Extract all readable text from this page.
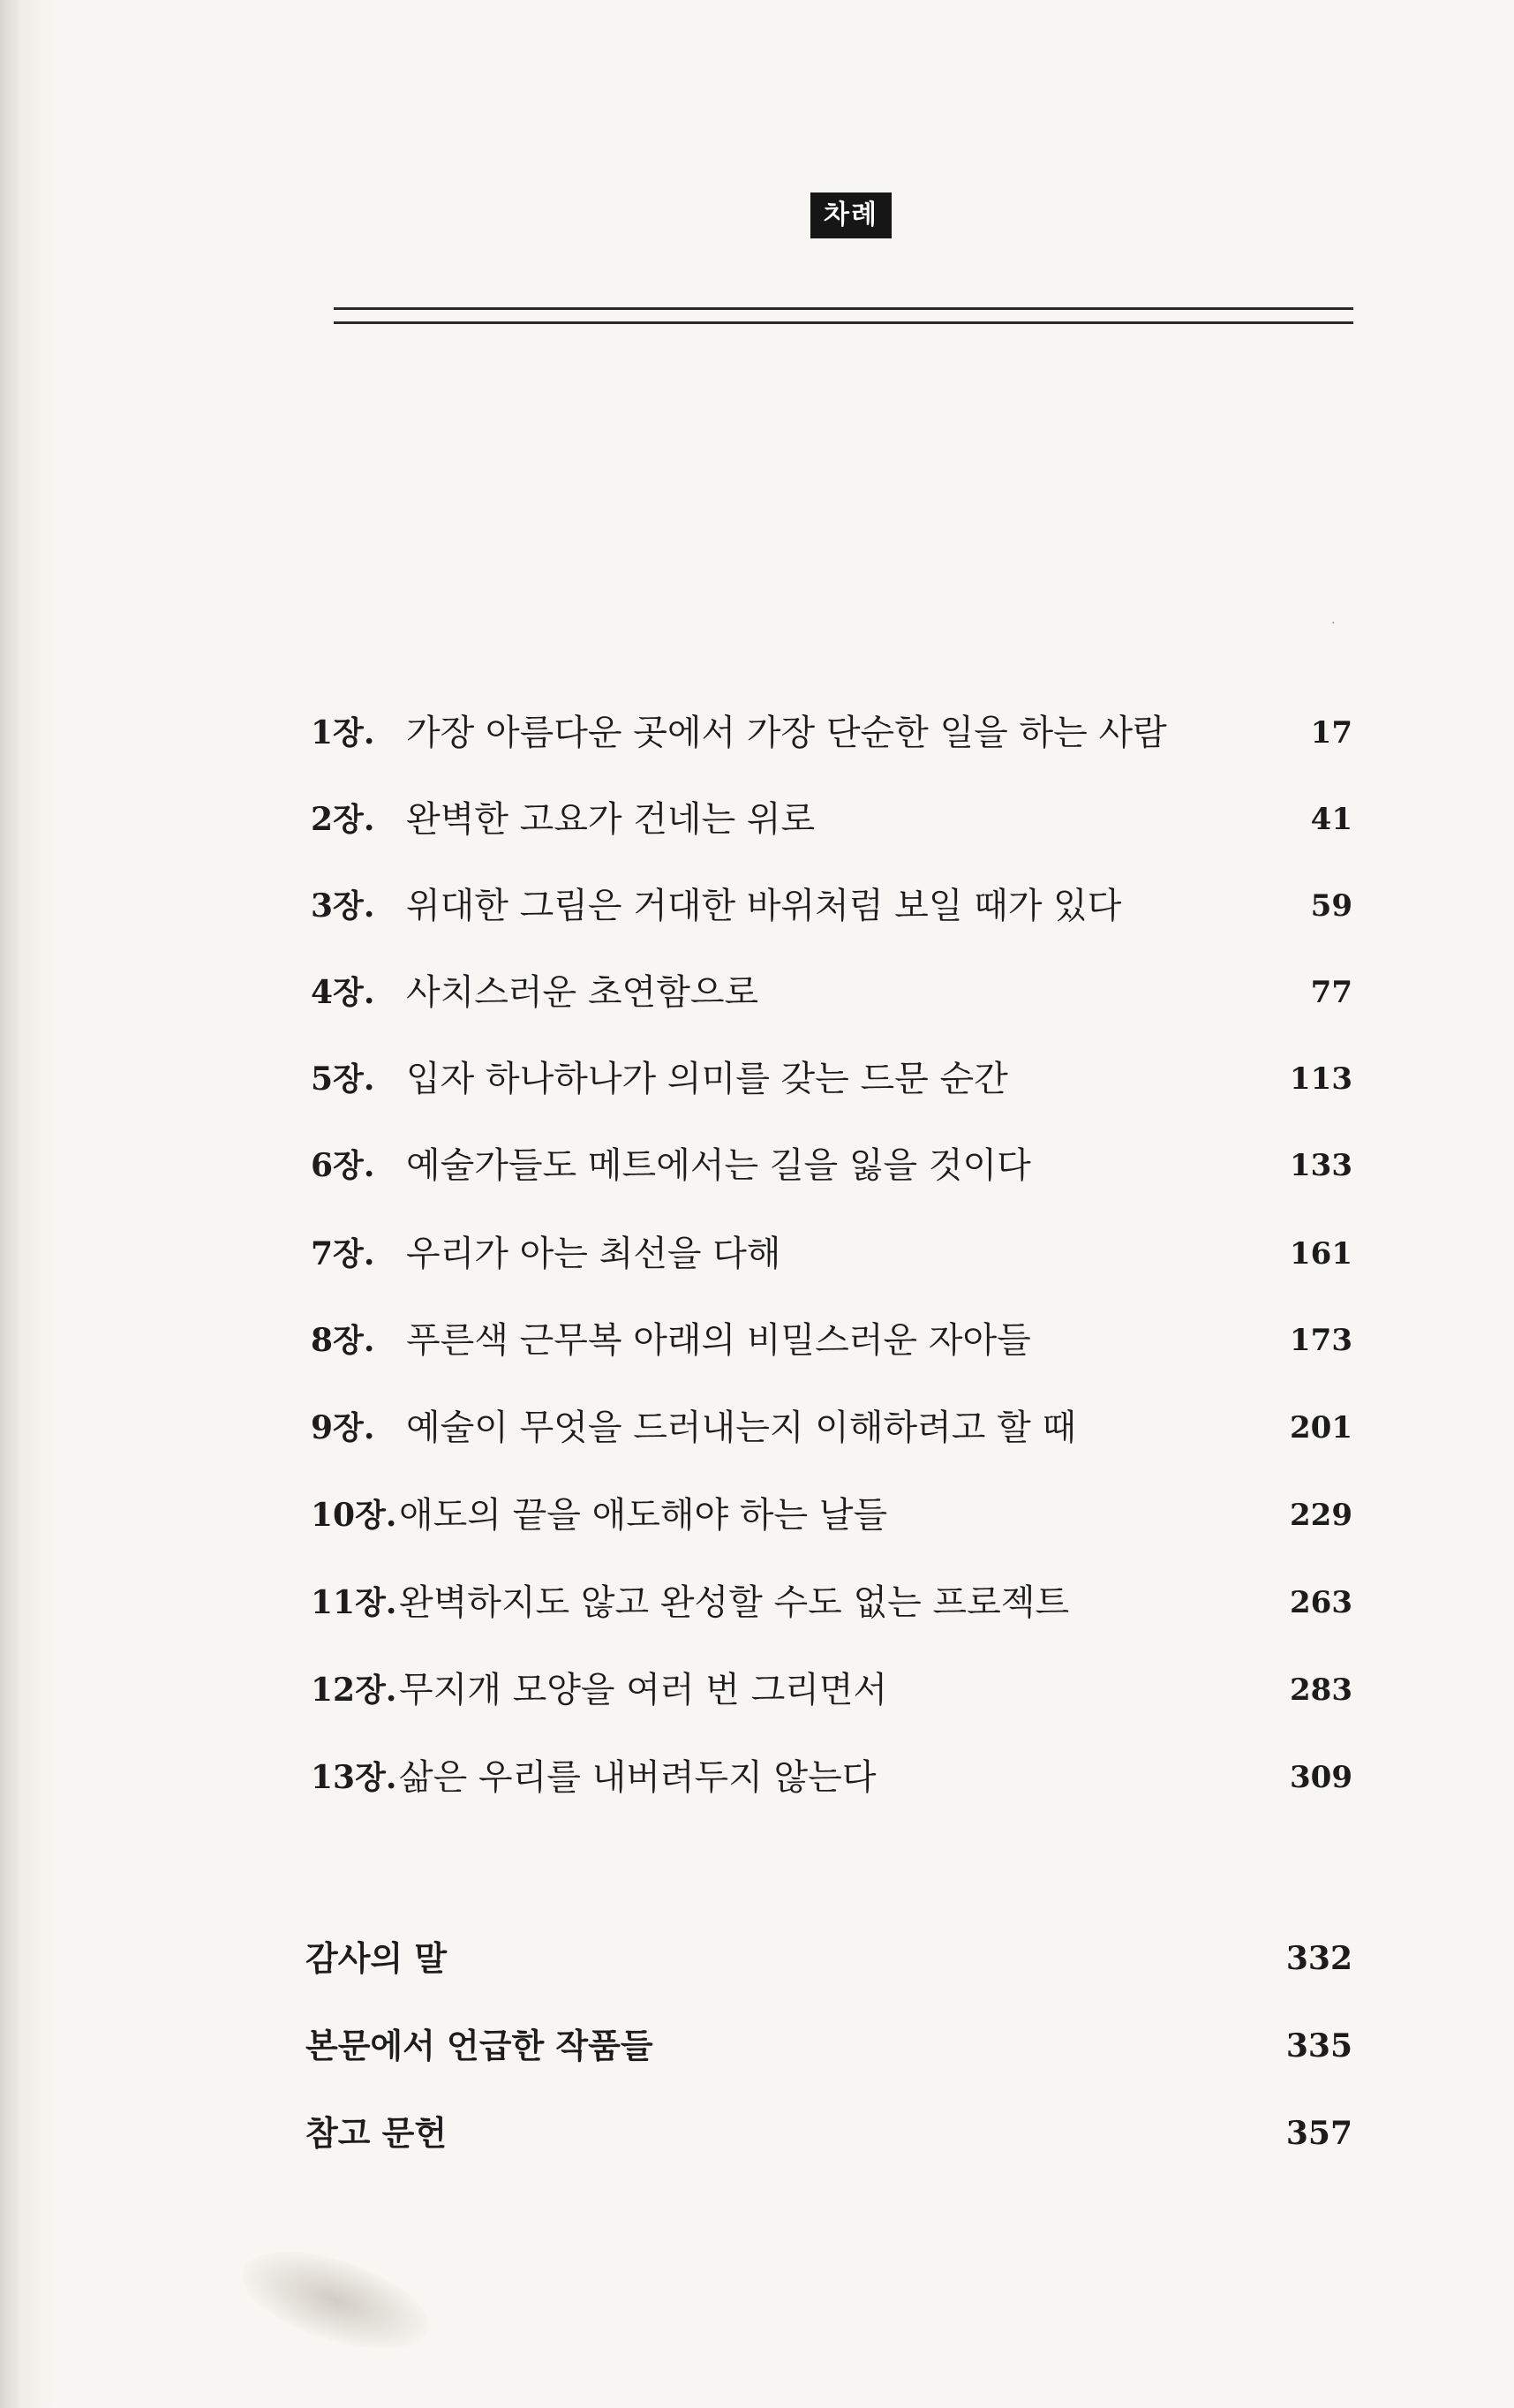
차례
·
1장. 가장 아름다운 곳에서 가장 단순한 일을 하는 사람	17
2장. 완벽한 고요가 건네는 위로	41
3장. 위대한 그림은 거대한 바위처럼 보일 때가 있다	59
4장. 사치스러운 초연함으로	77
5장. 입자 하나하나가 의미를 갖는 드문 순간	113
6장. 예술가들도 메트에서는 길을 잃을 것이다	133
7장. 우리가 아는 최선을 다해	161
8장. 푸른색 근무복 아래의 비밀스러운 자아들	173
9장. 예술이 무엇을 드러내는지 이해하려고 할 때	201
10장. 애도의 끝을 애도해야 하는 날들	229
11장. 완벽하지도 않고 완성할 수도 없는 프로젝트	263
12장. 무지개 모양을 여러 번 그리면서	283
13장. 삶은 우리를 내버려두지 않는다	309
감사의 말	332
본문에서 언급한 작품들	335
참고 문헌	357
